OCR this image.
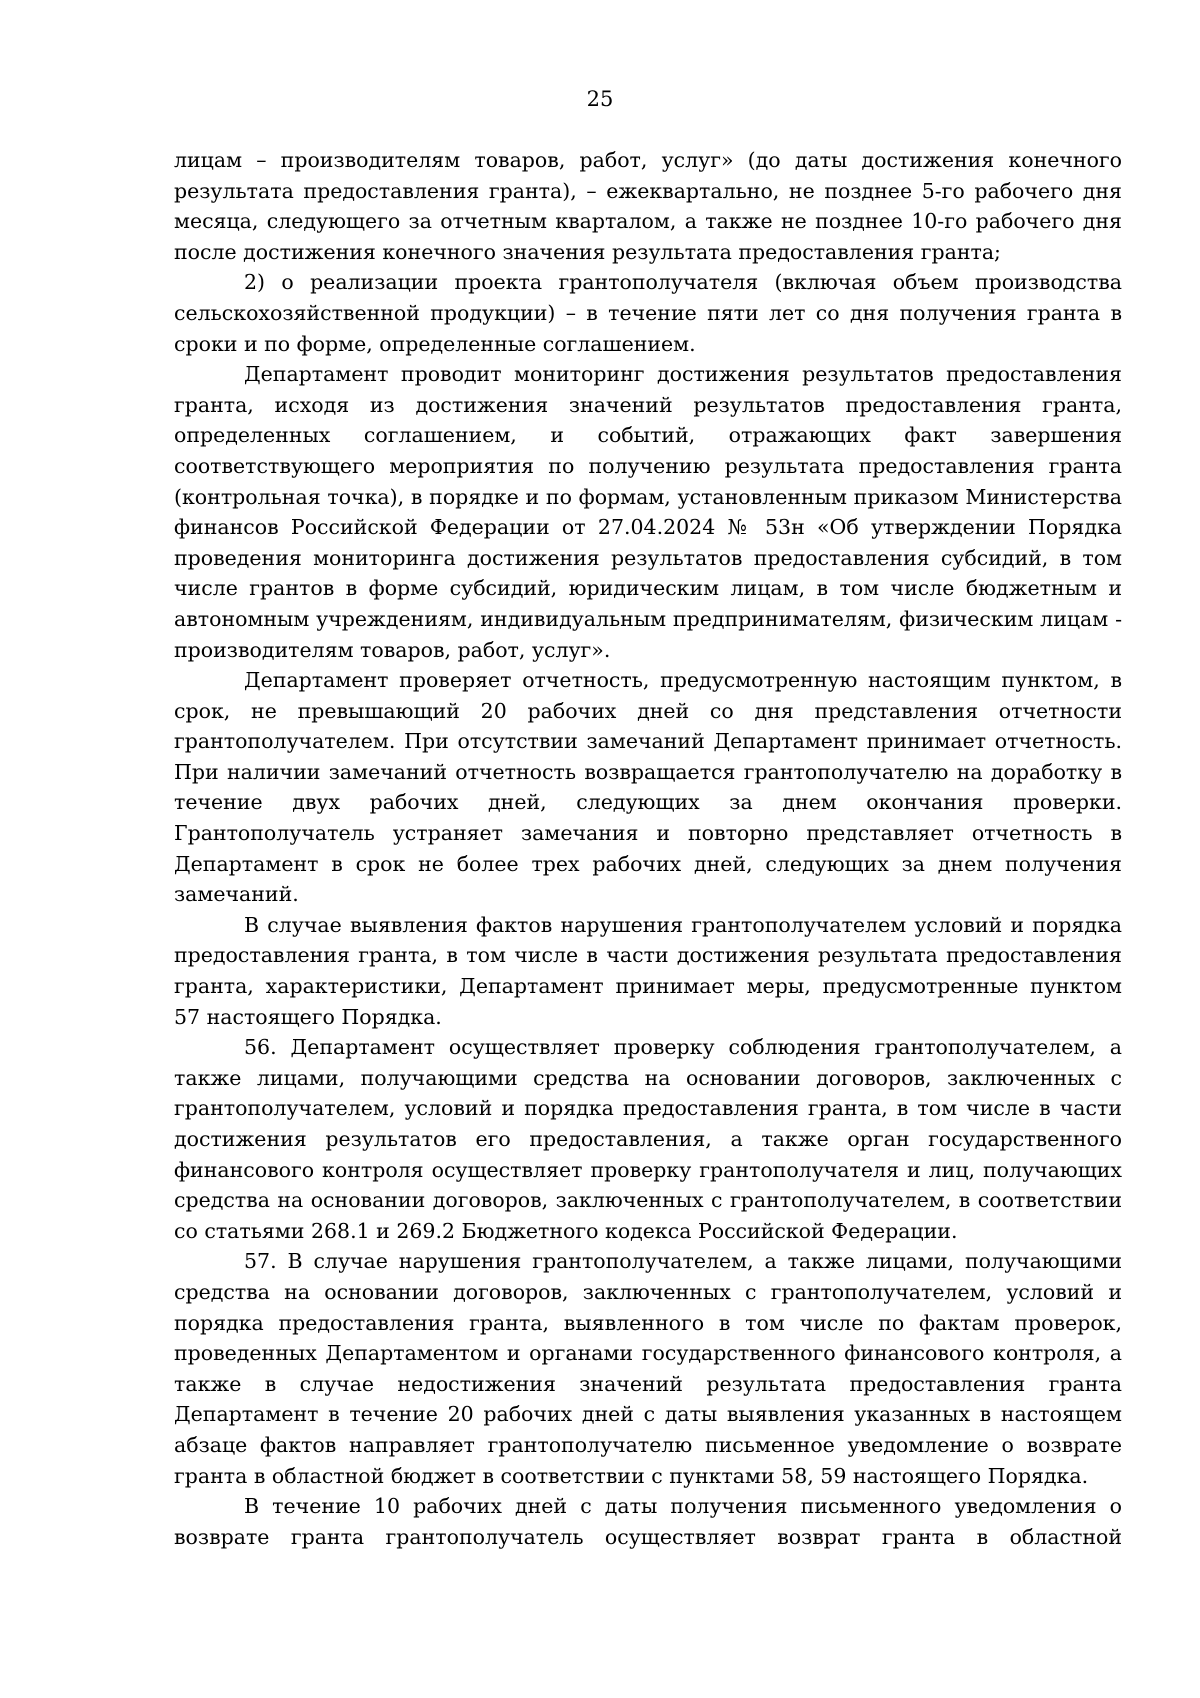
25

лицам – производителям товаров, работ, услуг» (до даты достижения конечного результата предоставления гранта), – ежеквартально, не позднее 5-го рабочего дня месяца, следующего за отчетным кварталом, а также не позднее 10-го рабочего дня после достижения конечного значения результата предоставления гранта;

2) о реализации проекта грантополучателя (включая объем производства сельскохозяйственной продукции) – в течение пяти лет со дня получения гранта в сроки и по форме, определенные соглашением.

Департамент проводит мониторинг достижения результатов предоставления гранта, исходя из достижения значений результатов предоставления гранта, определенных соглашением, и событий, отражающих факт завершения соответствующего мероприятия по получению результата предоставления гранта (контрольная точка), в порядке и по формам, установленным приказом Министерства финансов Российской Федерации от 27.04.2024 № 53н «Об утверждении Порядка проведения мониторинга достижения результатов предоставления субсидий, в том числе грантов в форме субсидий, юридическим лицам, в том числе бюджетным и автономным учреждениям, индивидуальным предпринимателям, физическим лицам - производителям товаров, работ, услуг».

Департамент проверяет отчетность, предусмотренную настоящим пунктом, в срок, не превышающий 20 рабочих дней со дня представления отчетности грантополучателем. При отсутствии замечаний Департамент принимает отчетность. При наличии замечаний отчетность возвращается грантополучателю на доработку в течение двух рабочих дней, следующих за днем окончания проверки. Грантополучатель устраняет замечания и повторно представляет отчетность в Департамент в срок не более трех рабочих дней, следующих за днем получения замечаний.

В случае выявления фактов нарушения грантополучателем условий и порядка предоставления гранта, в том числе в части достижения результата предоставления гранта, характеристики, Департамент принимает меры, предусмотренные пунктом 57 настоящего Порядка.

56. Департамент осуществляет проверку соблюдения грантополучателем, а также лицами, получающими средства на основании договоров, заключенных с грантополучателем, условий и порядка предоставления гранта, в том числе в части достижения результатов его предоставления, а также орган государственного финансового контроля осуществляет проверку грантополучателя и лиц, получающих средства на основании договоров, заключенных с грантополучателем, в соответствии со статьями 268.1 и 269.2 Бюджетного кодекса Российской Федерации.

57. В случае нарушения грантополучателем, а также лицами, получающими средства на основании договоров, заключенных с грантополучателем, условий и порядка предоставления гранта, выявленного в том числе по фактам проверок, проведенных Департаментом и органами государственного финансового контроля, а также в случае недостижения значений результата предоставления гранта Департамент в течение 20 рабочих дней с даты выявления указанных в настоящем абзаце фактов направляет грантополучателю письменное уведомление о возврате гранта в областной бюджет в соответствии с пунктами 58, 59 настоящего Порядка.

В течение 10 рабочих дней с даты получения письменного уведомления о возврате гранта грантополучатель осуществляет возврат гранта в областной
